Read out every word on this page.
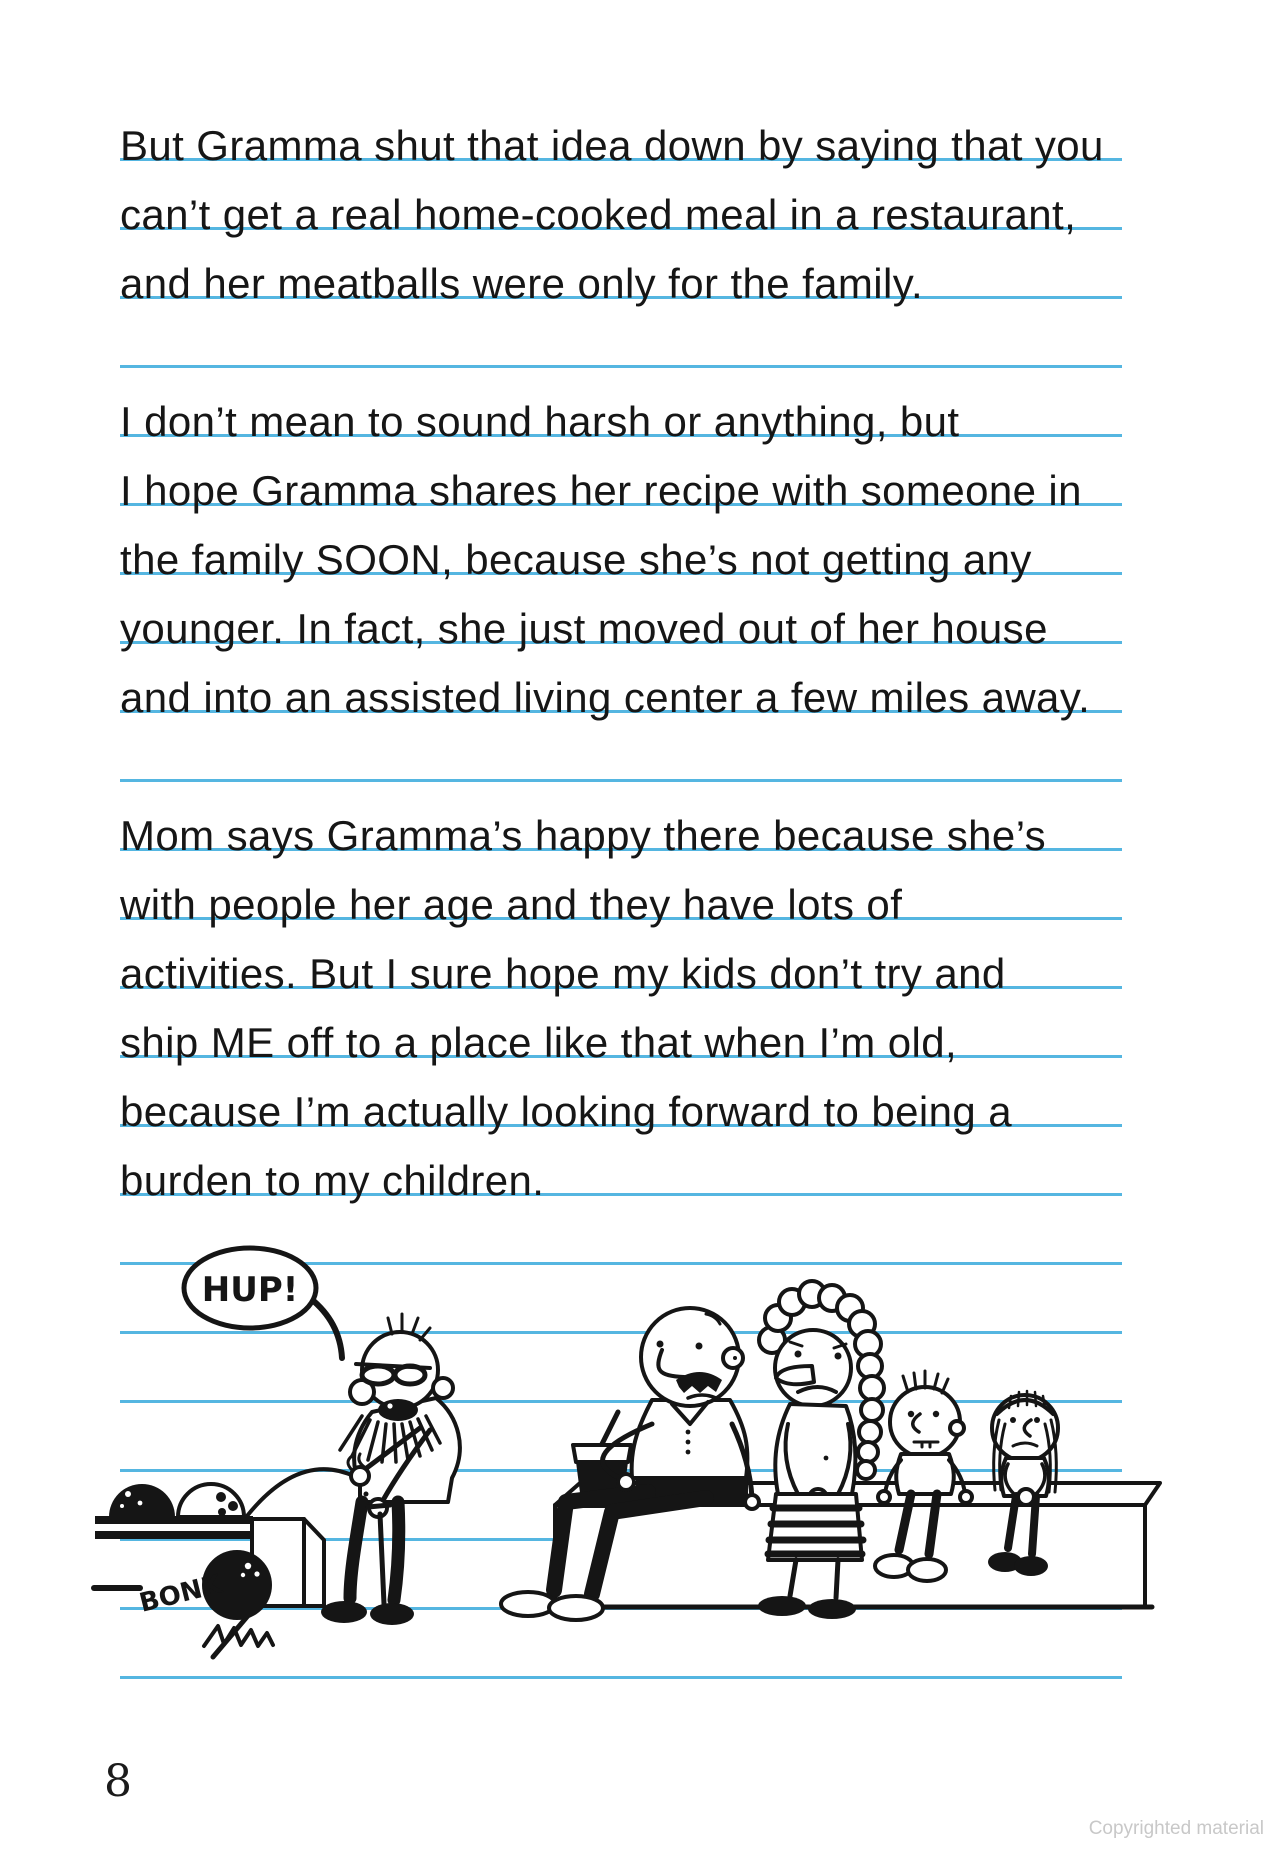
But Gramma shut that idea down by saying that you
can’t get a real home-cooked meal in a restaurant,
and her meatballs were only for the family.
I don’t mean to sound harsh or anything, but
I hope Gramma shares her recipe with someone in
the family SOON, because she’s not getting any
younger. In fact, she just moved out of her house
and into an assisted living center a few miles away.
Mom says Gramma’s happy there because she’s
with people her age and they have lots of
activities. But I sure hope my kids don’t try and
ship ME off to a place like that when I’m old,
because I’m actually looking forward to being a
burden to my children.
BONK
HUP!
8
Copyrighted material
